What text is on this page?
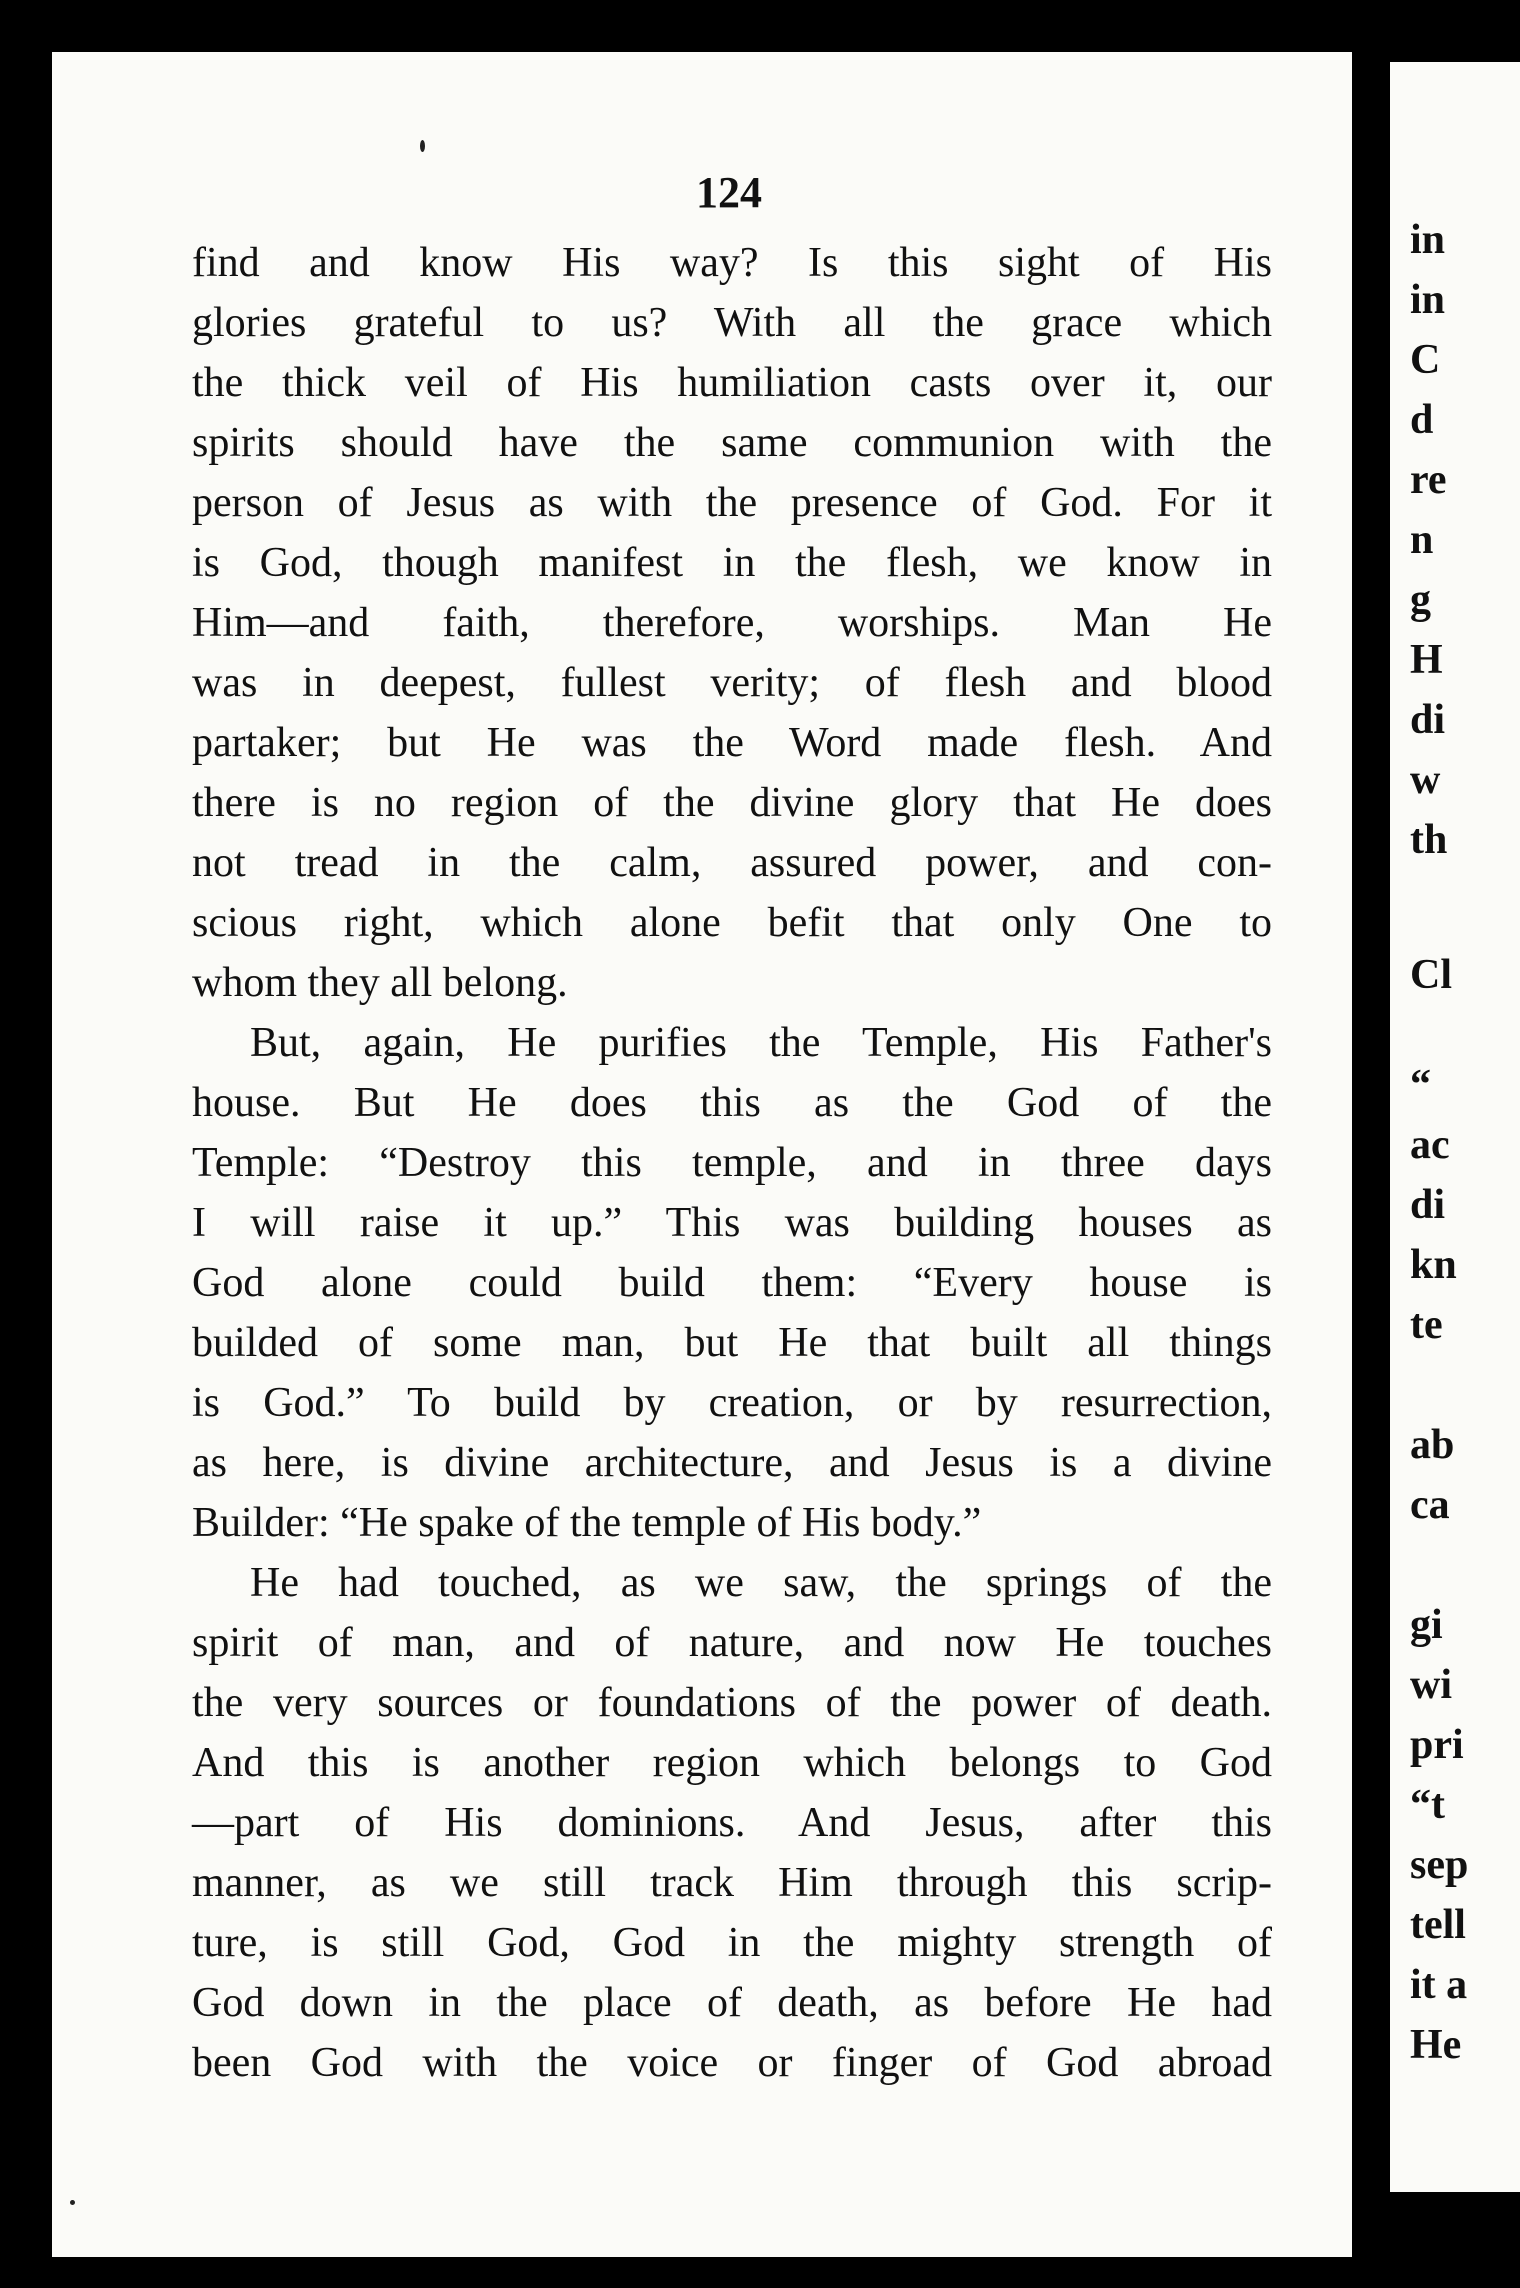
in
in
C
d
re
n
g
H
di
w
th
Cl
“
ac
di
kn
te
ab
ca
gi
wi
pri
“t
sep
tell
it a
He
124
find and know His way? Is this sight of His
glories grateful to us? With all the grace which
the thick veil of His humiliation casts over it, our
spirits should have the same communion with the
person of Jesus as with the presence of God. For it
is God, though manifest in the flesh, we know in
Him—and faith, therefore, worships. Man He
was in deepest, fullest verity; of flesh and blood
partaker; but He was the Word made flesh. And
there is no region of the divine glory that He does
not tread in the calm, assured power, and con-
scious right, which alone befit that only One to
whom they all belong.
But, again, He purifies the Temple, His Father's
house. But He does this as the God of the
Temple: “Destroy this temple, and in three days
I will raise it up.” This was building houses as
God alone could build them: “Every house is
builded of some man, but He that built all things
is God.” To build by creation, or by resurrection,
as here, is divine architecture, and Jesus is a divine
Builder: “He spake of the temple of His body.”
He had touched, as we saw, the springs of the
spirit of man, and of nature, and now He touches
the very sources or foundations of the power of death.
And this is another region which belongs to God
—part of His dominions. And Jesus, after this
manner, as we still track Him through this scrip-
ture, is still God, God in the mighty strength of
God down in the place of death, as before He had
been God with the voice or finger of God abroad
